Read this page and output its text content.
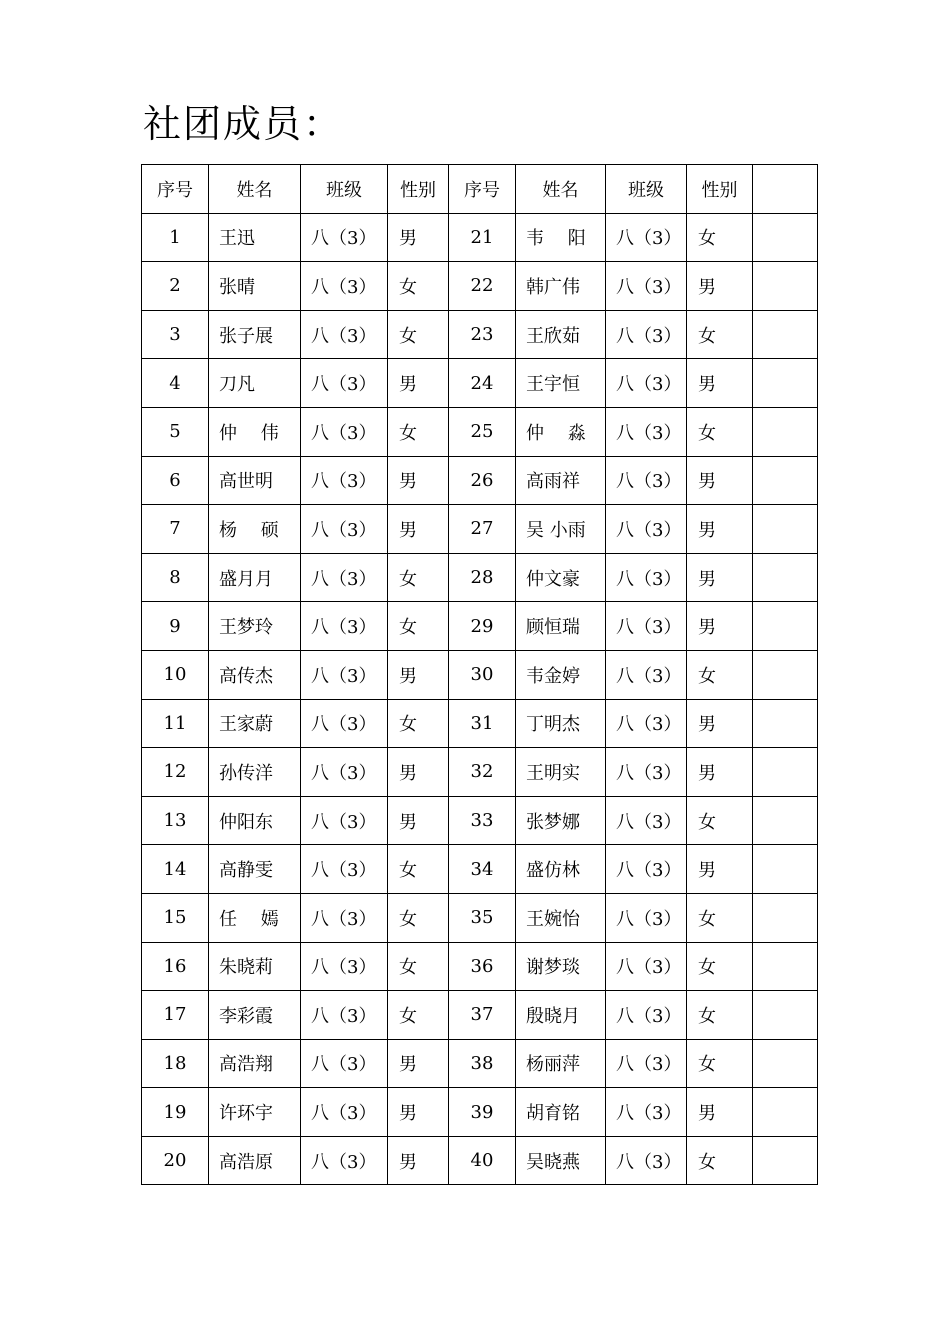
社团成员：
序号	姓名	班级	性别	序号	姓名	班级	性别	
1	王迅	八（3）	男	21	韦　 阳	八（3）	女	
2	张晴	八（3）	女	22	韩广伟	八（3）	男	
3	张子展	八（3）	女	23	王欣茹	八（3）	女	
4	刀凡	八（3）	男	24	王宇恒	八（3）	男	
5	仲　 伟	八（3）	女	25	仲　 淼	八（3）	女	
6	高世明	八（3）	男	26	高雨祥	八（3）	男	
7	杨　 硕	八（3）	男	27	吴 小雨	八（3）	男	
8	盛月月	八（3）	女	28	仲文豪	八（3）	男	
9	王梦玲	八（3）	女	29	顾恒瑞	八（3）	男	
10	高传杰	八（3）	男	30	韦金婷	八（3）	女	
11	王家蔚	八（3）	女	31	丁明杰	八（3）	男	
12	孙传洋	八（3）	男	32	王明实	八（3）	男	
13	仲阳东	八（3）	男	33	张梦娜	八（3）	女	
14	高静雯	八（3）	女	34	盛仿林	八（3）	男	
15	任　 嫣	八（3）	女	35	王婉怡	八（3）	女	
16	朱晓莉	八（3）	女	36	谢梦琰	八（3）	女	
17	李彩霞	八（3）	女	37	殷晓月	八（3）	女	
18	高浩翔	八（3）	男	38	杨丽萍	八（3）	女	
19	许环宇	八（3）	男	39	胡育铭	八（3）	男	
20	高浩原	八（3）	男	40	吴晓燕	八（3）	女	
